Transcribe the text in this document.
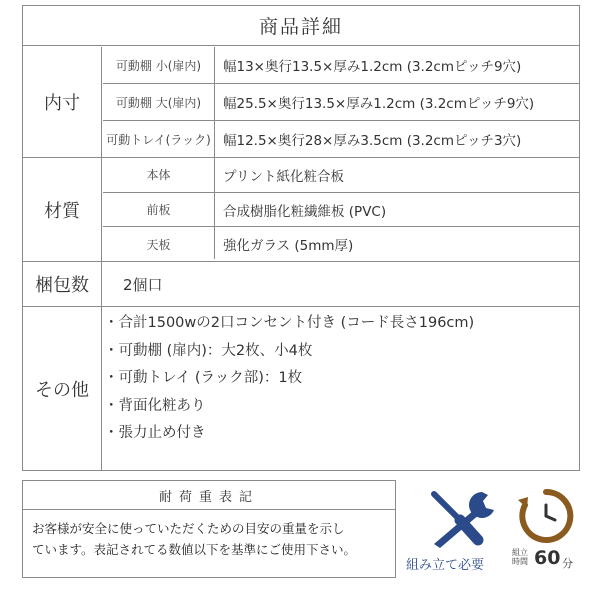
商品詳細
内寸
可動棚 小(扉内)	幅13×奥行13.5×厚み1.2cm (3.2cmピッチ9穴)
可動棚 大(扉内)	幅25.5×奥行13.5×厚み1.2cm (3.2cmピッチ9穴)
可動トレイ(ラック) 幅12.5×奥行28×厚み3.5cm (3.2cmピッチ3穴)
材質
本体	プリント紙化粧合板
前板	合成樹脂化粧繊維板 (PVC)
天板	強化ガラス (5mm厚)
梱包数	2個口
その他
・合計1500wの2口コンセント付き (コード長さ196cm)
・可動棚 (扉内)：大2枚、小4枚
・可動トレイ (ラック部)：1枚
・背面化粧あり
・張力止め付き
耐荷重表記
お客様が安全に使っていただくための目安の重量を示し
ています。表記されてる数値以下を基準にご使用下さい。
組み立て必要
組立時間 60 分
